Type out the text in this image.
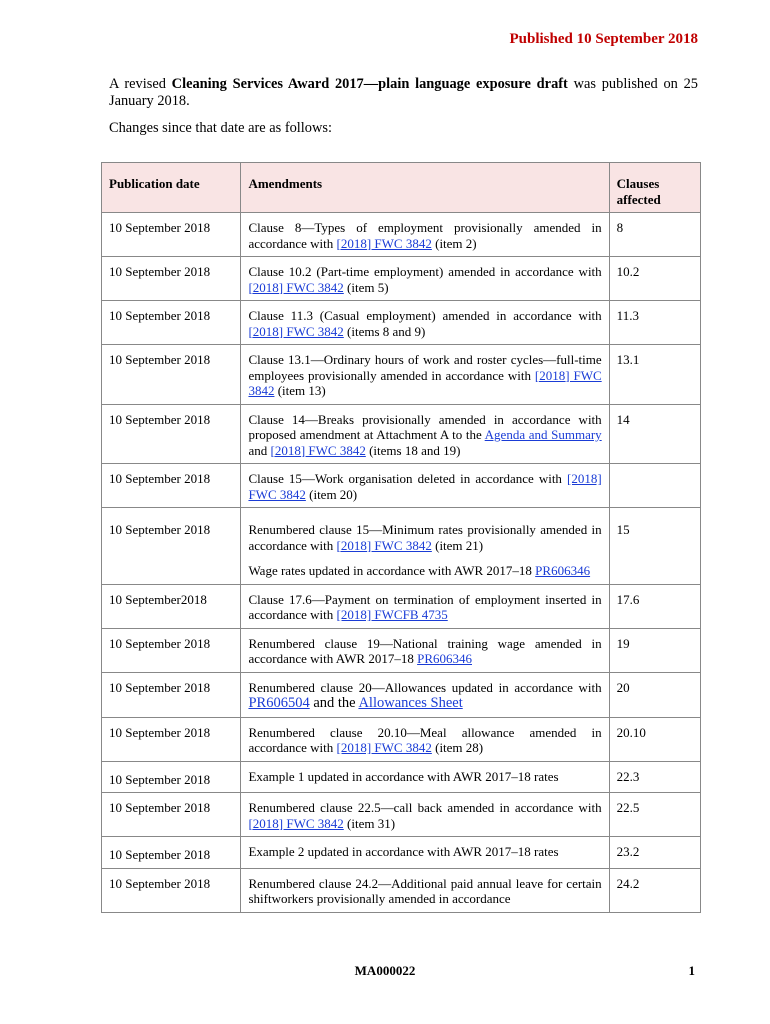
Published 10 September 2018

A revised Cleaning Services Award 2017—plain language exposure draft was published on 25 January 2018.

Changes since that date are as follows:
Publication date	Amendments	Clauses affected
10 September 2018	Clause 8—Types of employment provisionally amended in accordance with [2018] FWC 3842 (item 2)	8
10 September 2018	Clause 10.2 (Part-time employment) amended in accordance with [2018] FWC 3842 (item 5)	10.2
10 September 2018	Clause 11.3 (Casual employment) amended in accordance with [2018] FWC 3842 (items 8 and 9)	11.3
10 September 2018	Clause 13.1—Ordinary hours of work and roster cycles—full-time employees provisionally amended in accordance with [2018] FWC 3842 (item 13)	13.1
10 September 2018	Clause 14—Breaks provisionally amended in accordance with proposed amendment at Attachment A to the Agenda and Summary and [2018] FWC 3842 (items 18 and 19)	14
10 September 2018	Clause 15—Work organisation deleted in accordance with [2018] FWC 3842 (item 20)	
10 September 2018	Renumbered clause 15—Minimum rates provisionally amended in accordance with [2018] FWC 3842 (item 21)
Wage rates updated in accordance with AWR 2017–18 PR606346	15
10 September2018	Clause 17.6—Payment on termination of employment inserted in accordance with [2018] FWCFB 4735	17.6
10 September 2018	Renumbered clause 19—National training wage amended in accordance with AWR 2017–18 PR606346	19
10 September 2018	Renumbered clause 20—Allowances updated in accordance with PR606504 and the Allowances Sheet	20
10 September 2018	Renumbered clause 20.10—Meal allowance amended in accordance with [2018] FWC 3842 (item 28)	20.10
10 September 2018	Example 1 updated in accordance with AWR 2017–18 rates	22.3
10 September 2018	Renumbered clause 22.5—call back amended in accordance with [2018] FWC 3842 (item 31)	22.5
10 September 2018	Example 2 updated in accordance with AWR 2017–18 rates	23.2
10 September 2018	Renumbered clause 24.2—Additional paid annual leave for certain shiftworkers provisionally amended in accordance	24.2
MA000022	1
